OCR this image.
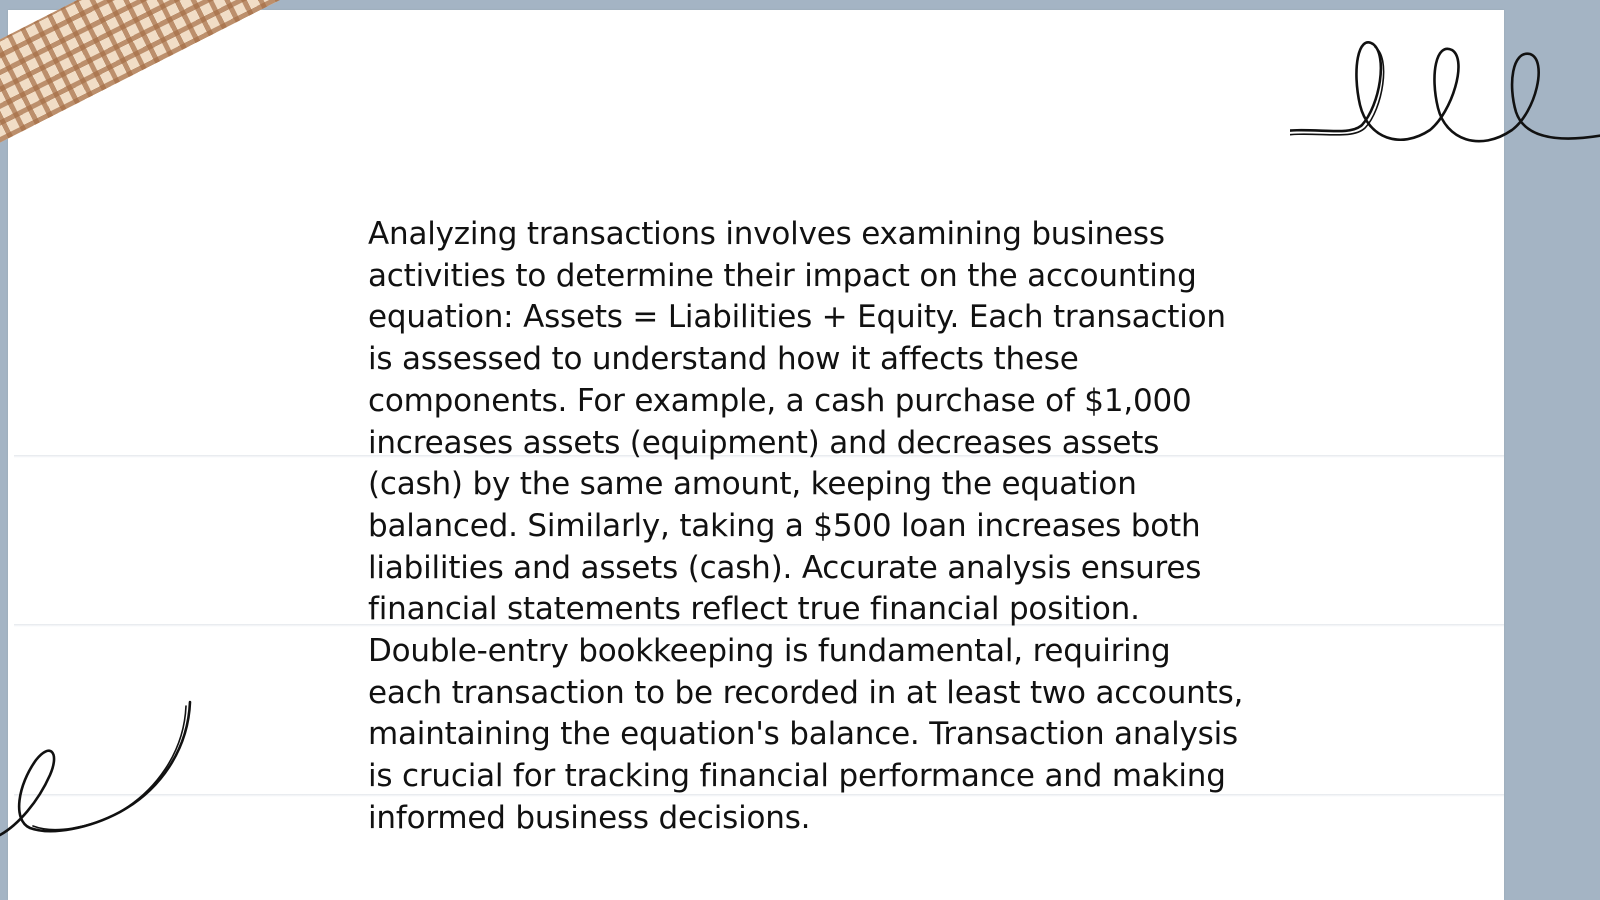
Analyzing transactions involves examining business activities to determine their impact on the accounting equation: Assets = Liabilities + Equity. Each transaction is assessed to understand how it affects these components. For example, a cash purchase of $1,000 increases assets (equipment) and decreases assets (cash) by the same amount, keeping the equation balanced. Similarly, taking a $500 loan increases both liabilities and assets (cash). Accurate analysis ensures financial statements reflect true financial position. Double-entry bookkeeping is fundamental, requiring each transaction to be recorded in at least two accounts, maintaining the equation's balance. Transaction analysis is crucial for tracking financial performance and making informed business decisions.
